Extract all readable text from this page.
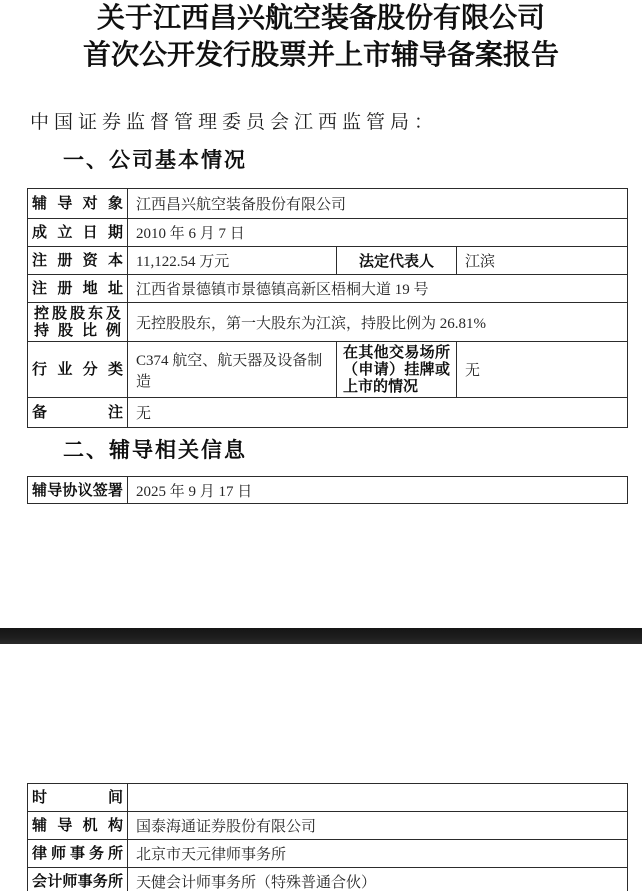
关于江西昌兴航空装备股份有限公司
首次公开发行股票并上市辅导备案报告
中国证券监督管理委员会江西监管局：
一、公司基本情况
辅导对象	江西昌兴航空装备股份有限公司		
成立日期	2010 年 6 月 7 日		
注册资本	11,122.54 万元	法定代表人	江滨
注册地址	江西省景德镇市景德镇高新区梧桐大道 19 号		
控股股东及持股比例	无控股股东，第一大股东为江滨，持股比例为 26.81%		
行业分类	C374 航空、航天器及设备制造	在其他交易场所（申请）挂牌或上市的情况	无
备注	无		
二、辅导相关信息
辅导协议签署	2025 年 9 月 17 日
时间	
辅导机构	国泰海通证券股份有限公司
律师事务所	北京市天元律师事务所
会计师事务所	天健会计师事务所（特殊普通合伙）
